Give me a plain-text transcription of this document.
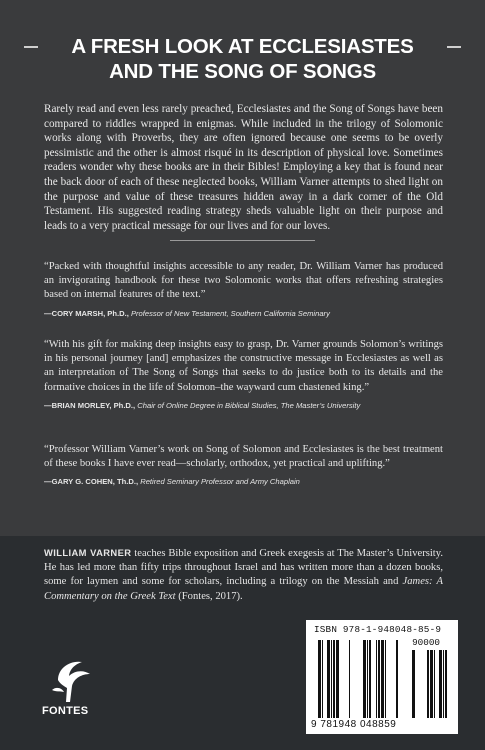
A FRESH LOOK AT ECCLESIASTES
AND THE SONG OF SONGS

Rarely read and even less rarely preached, Ecclesiastes and the Song of Songs have been compared to riddles wrapped in enigmas. While included in the trilogy of Solomonic works along with Proverbs, they are often ignored because one seems to be overly pessimistic and the other is almost risqué in its description of physical love. Sometimes readers wonder why these books are in their Bibles! Employing a key that is found near the back door of each of these neglected books, William Varner attempts to shed light on the purpose and value of these treasures hidden away in a dark corner of the Old Testament. His suggested reading strategy sheds valuable light on their purpose and leads to a very practical message for our lives and for our loves.

“Packed with thoughtful insights accessible to any reader, Dr. William Varner has produced an invigorating handbook for these two Solomonic works that offers refreshing strategies based on internal features of the text.”

—CORY MARSH, Ph.D., Professor of New Testament, Southern California Seminary

“With his gift for making deep insights easy to grasp, Dr. Varner grounds Solomon’s writings in his personal journey [and] emphasizes the constructive message in Ecclesiastes as well as an interpretation of The Song of Songs that seeks to do justice both to its details and the formative choices in the life of Solomon–the wayward cum chastened king.”

—BRIAN MORLEY, Ph.D., Chair of Online Degree in Biblical Studies, The Master’s University

“Professor William Varner’s work on Song of Solomon and Ecclesiastes is the best treatment of these books I have ever read—scholarly, orthodox, yet practical and uplifting.”

—GARY G. COHEN, Th.D., Retired Seminary Professor and Army Chaplain

WILLIAM VARNER teaches Bible exposition and Greek exegesis at The Master’s University. He has led more than fifty trips throughout Israel and has written more than a dozen books, some for laymen and some for scholars, including a trilogy on the Messiah and James: A Commentary on the Greek Text (Fontes, 2017).

FONTES
ISBN 978-1-948048-85-9
90000
9 781948 048859
